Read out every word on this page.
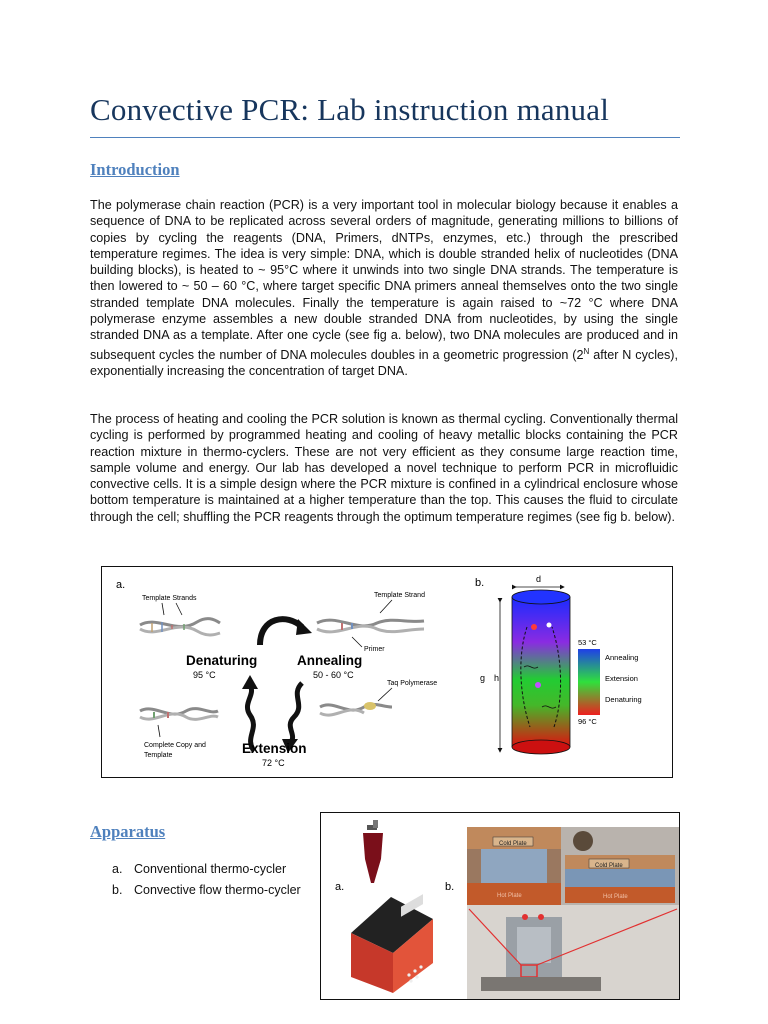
Convective PCR: Lab instruction manual
Introduction

The polymerase chain reaction (PCR) is a very important tool in molecular biology because it enables a sequence of DNA to be replicated across several orders of magnitude, generating millions to billions of copies by cycling the reagents (DNA, Primers, dNTPs, enzymes, etc.) through the prescribed temperature regimes. The idea is very simple: DNA, which is double stranded helix of nucleotides (DNA building blocks), is heated to ~ 95°C where it unwinds into two single DNA strands. The temperature is then lowered to ~ 50 – 60 °C, where target specific DNA primers anneal themselves onto the two single stranded template DNA molecules. Finally the temperature is again raised to ~72 °C where DNA polymerase enzyme assembles a new double stranded DNA from nucleotides, by using the single stranded DNA as a template. After one cycle (see fig a. below), two DNA molecules are produced and in subsequent cycles the number of DNA molecules doubles in a geometric progression ($2^N$ after N cycles), exponentially increasing the concentration of target DNA.

The process of heating and cooling the PCR solution is known as thermal cycling. Conventionally thermal cycling is performed by programmed heating and cooling of heavy metallic blocks containing the PCR reaction mixture in thermo-cyclers. These are not very efficient as they consume large reaction time, sample volume and energy. Our lab has developed a novel technique to perform PCR in microfluidic convective cells. It is a simple design where the PCR mixture is confined in a cylindrical enclosure whose bottom temperature is maintained at a higher temperature than the top. This causes the fluid to circulate through the cell; shuffling the PCR reagents through the optimum temperature regimes (see fig b. below).

a.
Template Strands
Denaturing
95 °C
Annealing
50 - 60 °C
Template Strand
Primer
Taq Polymerase
Complete Copy and
Template	Extension
72 °C
b.	d
g h
53 °C
Annealing
Extension
Denaturing
96 °C
Apparatus
a. Conventional thermo-cycler
b. Convective flow thermo-cycler	a.	b.
Cold Plate
Cold Plate
Hot Plate	Hot Plate
